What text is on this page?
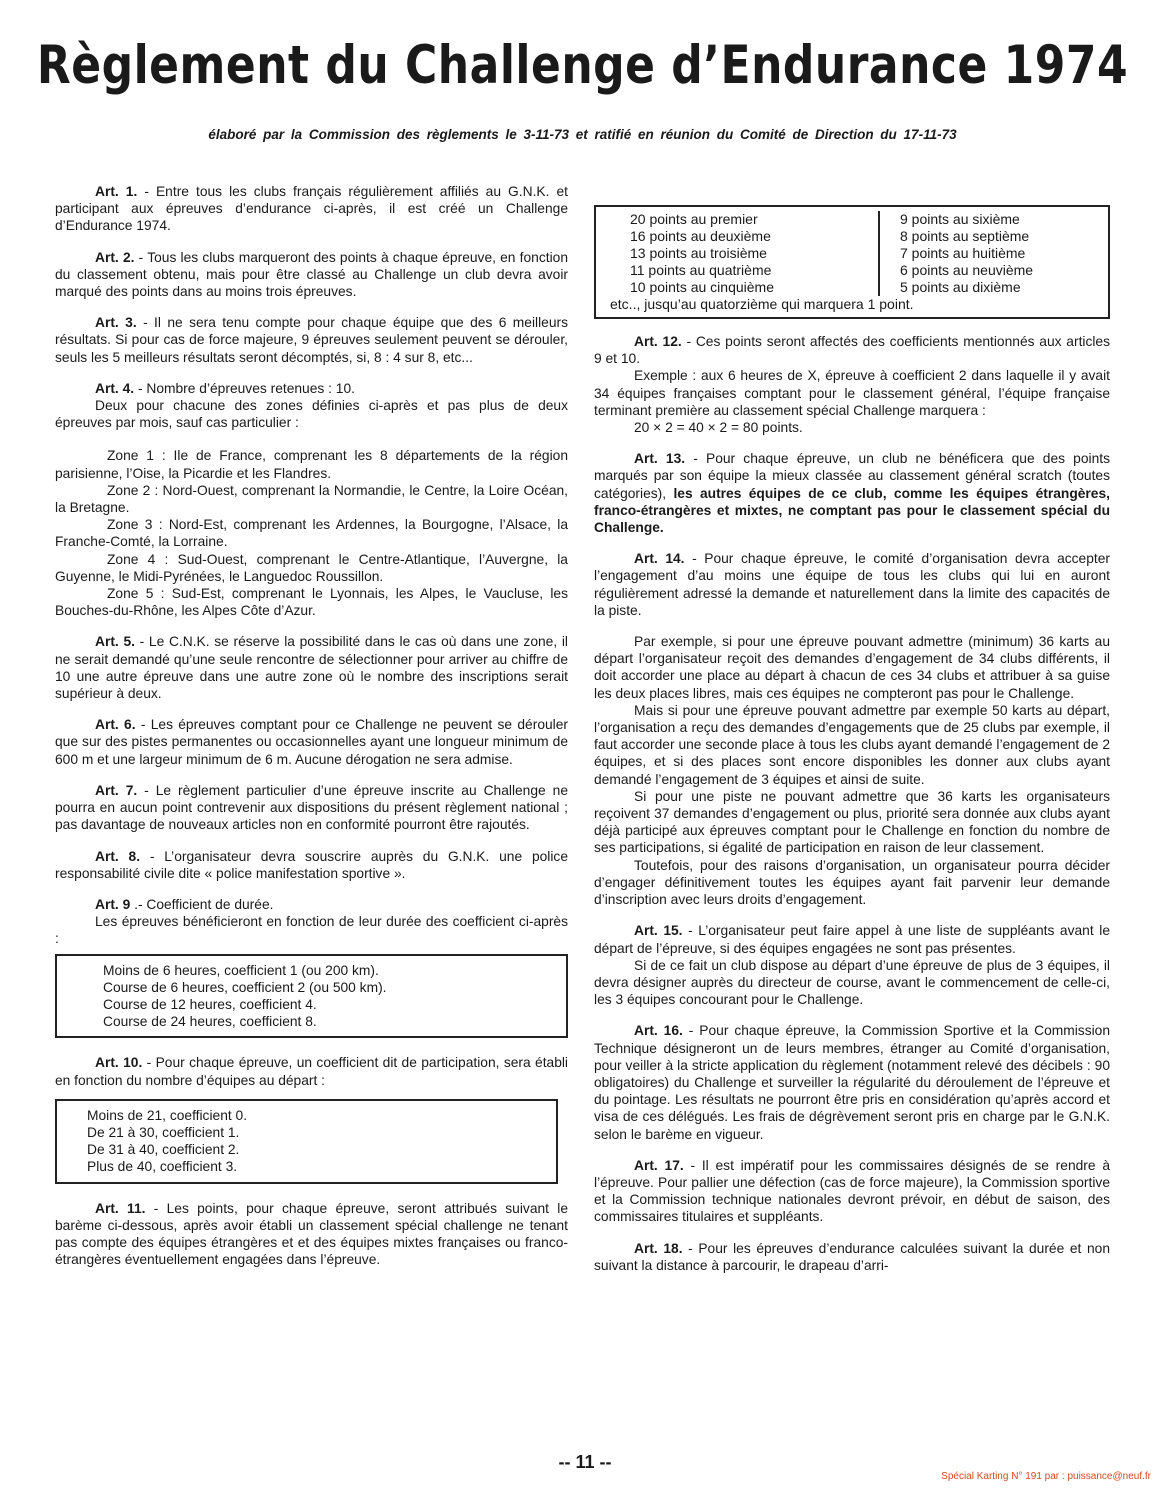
Règlement du Challenge d’Endurance 1974
élaboré par la Commission des règlements le 3-11-73 et ratifié en réunion du Comité de Direction du 17-11-73

Art. 1. - Entre tous les clubs français régulièrement affiliés au G.N.K. et participant aux épreuves d’endurance ci-après, il est créé un Challenge d’Endurance 1974.

Art. 2. - Tous les clubs marqueront des points à chaque épreuve, en fonction du classement obtenu, mais pour être classé au Challenge un club devra avoir marqué des points dans au moins trois épreuves.

Art. 3. - Il ne sera tenu compte pour chaque équipe que des 6 meilleurs résultats. Si pour cas de force majeure, 9 épreuves seulement peuvent se dérouler, seuls les 5 meilleurs résultats seront décomptés, si, 8 : 4 sur 8, etc...

Art. 4. - Nombre d’épreuves retenues : 10.

Deux pour chacune des zones définies ci-après et pas plus de deux épreuves par mois, sauf cas particulier :

Zone 1 : Ile de France, comprenant les 8 départements de la région parisienne, l’Oise, la Picardie et les Flandres.
Zone 2 : Nord-Ouest, comprenant la Normandie, le Centre, la Loire Océan, la Bretagne.
Zone 3 : Nord-Est, comprenant les Ardennes, la Bourgogne, l’Alsace, la Franche-Comté, la Lorraine.
Zone 4 : Sud-Ouest, comprenant le Centre-Atlantique, l’Auvergne, la Guyenne, le Midi-Pyrénées, le Languedoc Roussillon.
Zone 5 : Sud-Est, comprenant le Lyonnais, les Alpes, le Vaucluse, les Bouches-du-Rhône, les Alpes Côte d’Azur.

Art. 5. - Le C.N.K. se réserve la possibilité dans le cas où dans une zone, il ne serait demandé qu’une seule rencontre de sélectionner pour arriver au chiffre de 10 une autre épreuve dans une autre zone où le nombre des inscriptions serait supérieur à deux.

Art. 6. - Les épreuves comptant pour ce Challenge ne peuvent se dérouler que sur des pistes permanentes ou occasionnelles ayant une longueur minimum de 600 m et une largeur minimum de 6 m. Aucune dérogation ne sera admise.

Art. 7. - Le règlement particulier d’une épreuve inscrite au Challenge ne pourra en aucun point contrevenir aux dispositions du présent règlement national ; pas davantage de nouveaux articles non en conformité pourront être rajoutés.

Art. 8. - L’organisateur devra souscrire auprès du G.N.K. une police responsabilité civile dite « police manifestation sportive ».

Art. 9 .- Coefficient de durée.

Les épreuves bénéficieront en fonction de leur durée des coefficient ci-après :

Moins de 6 heures, coefficient 1 (ou 200 km).
Course de 6 heures, coefficient 2 (ou 500 km).
Course de 12 heures, coefficient 4.
Course de 24 heures, coefficient 8.

Art. 10. - Pour chaque épreuve, un coefficient dit de participation, sera établi en fonction du nombre d’équipes au départ :

Moins de 21, coefficient 0.
De 21 à 30, coefficient 1.
De 31 à 40, coefficient 2.
Plus de 40, coefficient 3.

Art. 11. - Les points, pour chaque épreuve, seront attribués suivant le barème ci-dessous, après avoir établi un classement spécial challenge ne tenant pas compte des équipes étrangères et et des équipes mixtes françaises ou franco-étrangères éventuellement engagées dans l’épreuve.

20 points au premier
16 points au deuxième
13 points au troisième
11 points au quatrième
10 points au cinquième
9 points au sixième
8 points au septième
7 points au huitième
6 points au neuvième
5 points au dixième
etc.., jusqu’au quatorzième qui marquera 1 point.

Art. 12. - Ces points seront affectés des coefficients mentionnés aux articles 9 et 10.

Exemple : aux 6 heures de X, épreuve à coefficient 2 dans laquelle il y avait 34 équipes françaises comptant pour le classement général, l’équipe française terminant première au classement spécial Challenge marquera :

20 × 2 = 40 × 2 = 80 points.

Art. 13. - Pour chaque épreuve, un club ne bénéficera que des points marqués par son équipe la mieux classée au classement général scratch (toutes catégories), les autres équipes de ce club, comme les équipes étrangères, franco-étrangères et mixtes, ne comptant pas pour le classement spécial du Challenge.

Art. 14. - Pour chaque épreuve, le comité d’organisation devra accepter l’engagement d’au moins une équipe de tous les clubs qui lui en auront régulièrement adressé la demande et naturellement dans la limite des capacités de la piste.

Par exemple, si pour une épreuve pouvant admettre (minimum) 36 karts au départ l’organisateur reçoit des demandes d’engagement de 34 clubs différents, il doit accorder une place au départ à chacun de ces 34 clubs et attribuer à sa guise les deux places libres, mais ces équipes ne compteront pas pour le Challenge.

Mais si pour une épreuve pouvant admettre par exemple 50 karts au départ, l’organisation a reçu des demandes d’engagements que de 25 clubs par exemple, il faut accorder une seconde place à tous les clubs ayant demandé l’engagement de 2 équipes, et si des places sont encore disponibles les donner aux clubs ayant demandé l’engagement de 3 équipes et ainsi de suite.

Si pour une piste ne pouvant admettre que 36 karts les organisateurs reçoivent 37 demandes d’engagement ou plus, priorité sera donnée aux clubs ayant déjà participé aux épreuves comptant pour le Challenge en fonction du nombre de ses participations, si égalité de participation en raison de leur classement.

Toutefois, pour des raisons d’organisation, un organisateur pourra décider d’engager définitivement toutes les équipes ayant fait parvenir leur demande d’inscription avec leurs droits d’engagement.

Art. 15. - L’organisateur peut faire appel à une liste de suppléants avant le départ de l’épreuve, si des équipes engagées ne sont pas présentes.

Si de ce fait un club dispose au départ d’une épreuve de plus de 3 équipes, il devra désigner auprès du directeur de course, avant le commencement de celle-ci, les 3 équipes concourant pour le Challenge.

Art. 16. - Pour chaque épreuve, la Commission Sportive et la Commission Technique désigneront un de leurs membres, étranger au Comité d’organisation, pour veiller à la stricte application du règlement (notamment relevé des décibels : 90 obligatoires) du Challenge et surveiller la régularité du déroulement de l’épreuve et du pointage. Les résultats ne pourront être pris en considération qu’après accord et visa de ces délégués. Les frais de dégrèvement seront pris en charge par le G.N.K. selon le barème en vigueur.

Art. 17. - Il est impératif pour les commissaires désignés de se rendre à l’épreuve. Pour pallier une défection (cas de force majeure), la Commission sportive et la Commission technique nationales devront prévoir, en début de saison, des commissaires titulaires et suppléants.

Art. 18. - Pour les épreuves d’endurance calculées suivant la durée et non suivant la distance à parcourir, le drapeau d’arri-

-- 11 --
Spécial Karting N° 191 par : puissance@neuf.fr
